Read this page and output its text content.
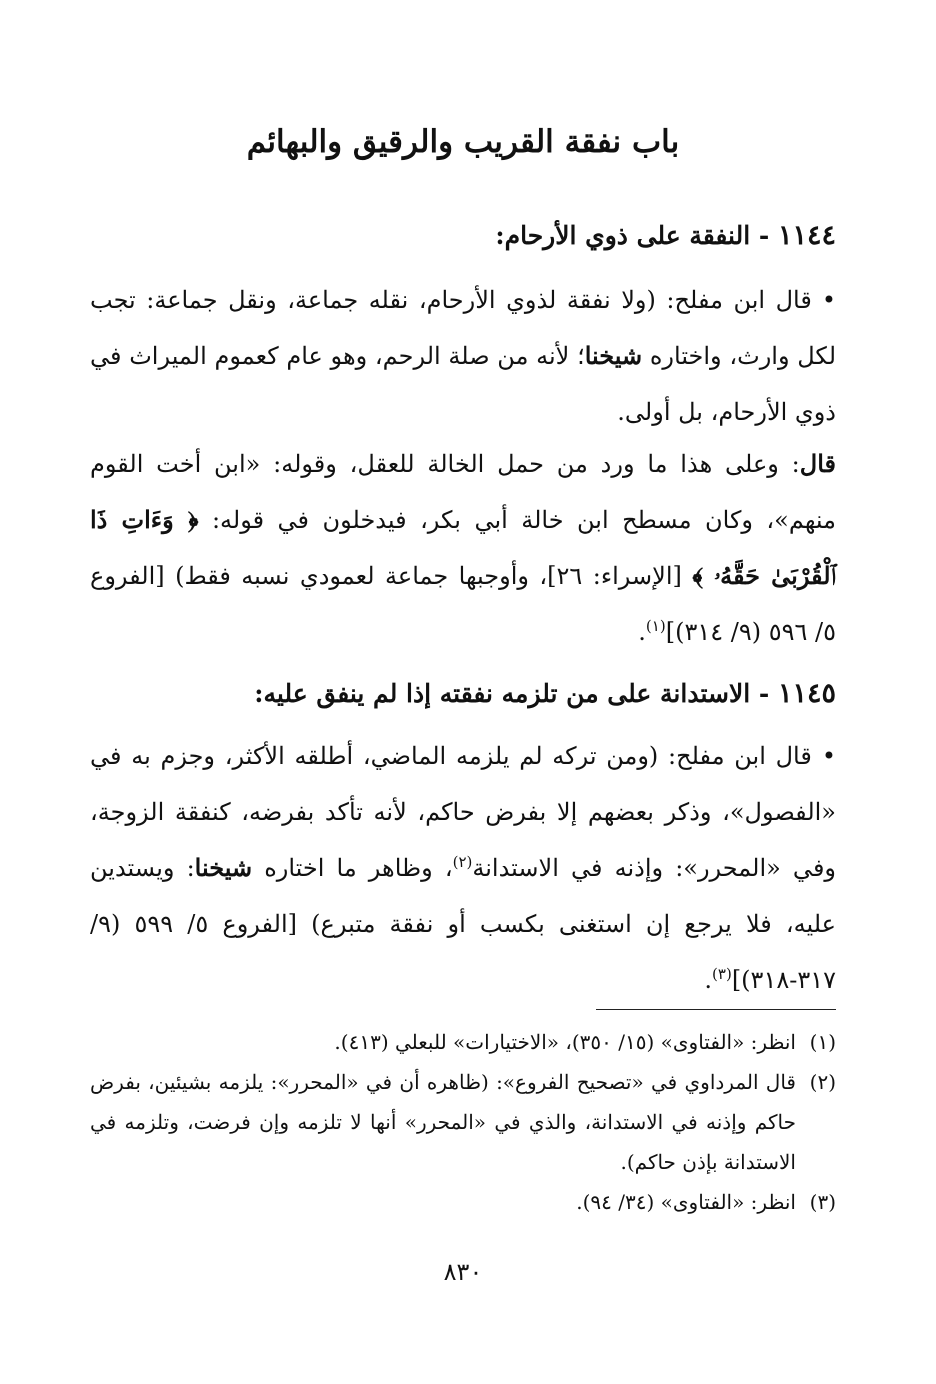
باب نفقة القريب والرقيق والبهائم
١١٤٤ - النفقة على ذوي الأرحام:

•قال ابن مفلح: (ولا نفقة لذوي الأرحام، نقله جماعة، ونقل جماعة: تجب لكل وارث، واختاره شيخنا؛ لأنه من صلة الرحم، وهو عام كعموم الميراث في ذوي الأرحام، بل أولى.

قال: وعلى هذا ما ورد من حمل الخالة للعقل، وقوله: «ابن أخت القوم منهم»، وكان مسطح ابن خالة أبي بكر، فيدخلون في قوله: ﴿ وَءَاتِ ذَا ٱلْقُرْبَىٰ حَقَّهُۥ ﴾ [الإسراء: ٢٦]، وأوجبها جماعة لعمودي نسبه فقط) [الفروع ٥/ ٥٩٦ (٩/ ٣١٤)]$^{(١)}$.

١١٤٥ - الاستدانة على من تلزمه نفقته إذا لم ينفق عليه:

•قال ابن مفلح: (ومن تركه لم يلزمه الماضي، أطلقه الأكثر، وجزم به في «الفصول»، وذكر بعضهم إلا بفرض حاكم، لأنه تأكد بفرضه، كنفقة الزوجة، وفي «المحرر»: وإذنه في الاستدانة$^{(٢)}$، وظاهر ما اختاره شيخنا: ويستدين عليه، فلا يرجع إن استغنى بكسب أو نفقة متبرع) [الفروع ٥/ ٥٩٩ (٩/ ٣١٧-٣١٨)]$^{(٣)}$.

(١)
انظر: «الفتاوى» (١٥/ ٣٥٠)، «الاختيارات» للبعلي (٤١٣).
(٢)
قال المرداوي في «تصحيح الفروع»: (ظاهره أن في «المحرر»: يلزمه بشيئين، بفرض حاكم وإذنه في الاستدانة، والذي في «المحرر» أنها لا تلزمه وإن فرضت، وتلزمه في الاستدانة بإذن حاكم).
(٣)
انظر: «الفتاوى» (٣٤/ ٩٤).
٨٣٠
